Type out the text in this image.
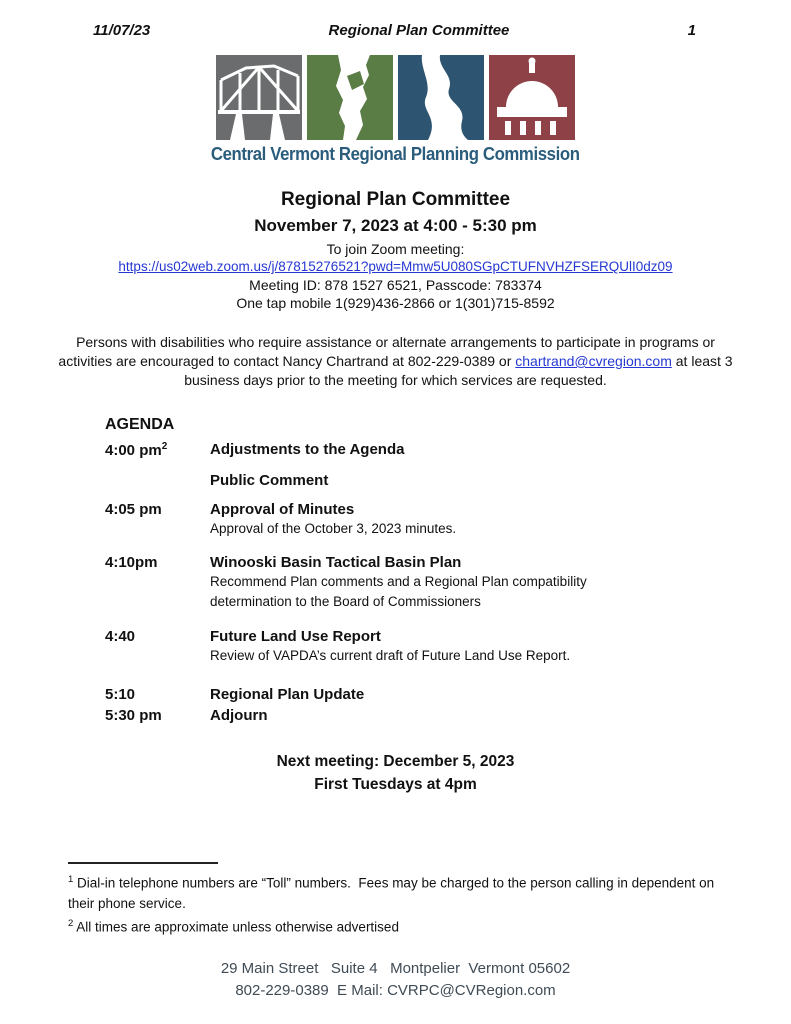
11/07/23	Regional Plan Committee	1
Central Vermont Regional Planning Commission
Regional Plan Committee
November 7, 2023 at 4:00 - 5:30 pm
To join Zoom meeting:
https://us02web.zoom.us/j/87815276521?pwd=Mmw5U080SGpCTUFNVHZFSERQUlI0dz09
Meeting ID: 878 1527 6521, Passcode: 783374
One tap mobile 1(929)436-2866 or 1(301)715-8592
Persons with disabilities who require assistance or alternate arrangements to participate in programs or activities are encouraged to contact Nancy Chartrand at 802-229-0389 or chartrand@cvregion.com at least 3 business days prior to the meeting for which services are requested.
AGENDA
4:00 $pm^2$	Adjustments to the Agenda
Public Comment
4:05 pm	Approval of Minutes
Approval of the October 3, 2023 minutes.
4:10pm	Winooski Basin Tactical Basin Plan
Recommend Plan comments and a Regional Plan compatibility determination to the Board of Commissioners
4:40	Future Land Use Report
Review of VAPDA’s current draft of Future Land Use Report.
5:10	Regional Plan Update
5:30 pm	Adjourn
Next meeting: December 5, 2023
First Tuesdays at 4pm
$^1$ Dial-in telephone numbers are “Toll” numbers.  Fees may be charged to the person calling in dependent on their phone service.
$^2$ All times are approximate unless otherwise advertised
29 Main Street   Suite 4   Montpelier  Vermont 05602
802-229-0389  E Mail: CVRPC@CVRegion.com
